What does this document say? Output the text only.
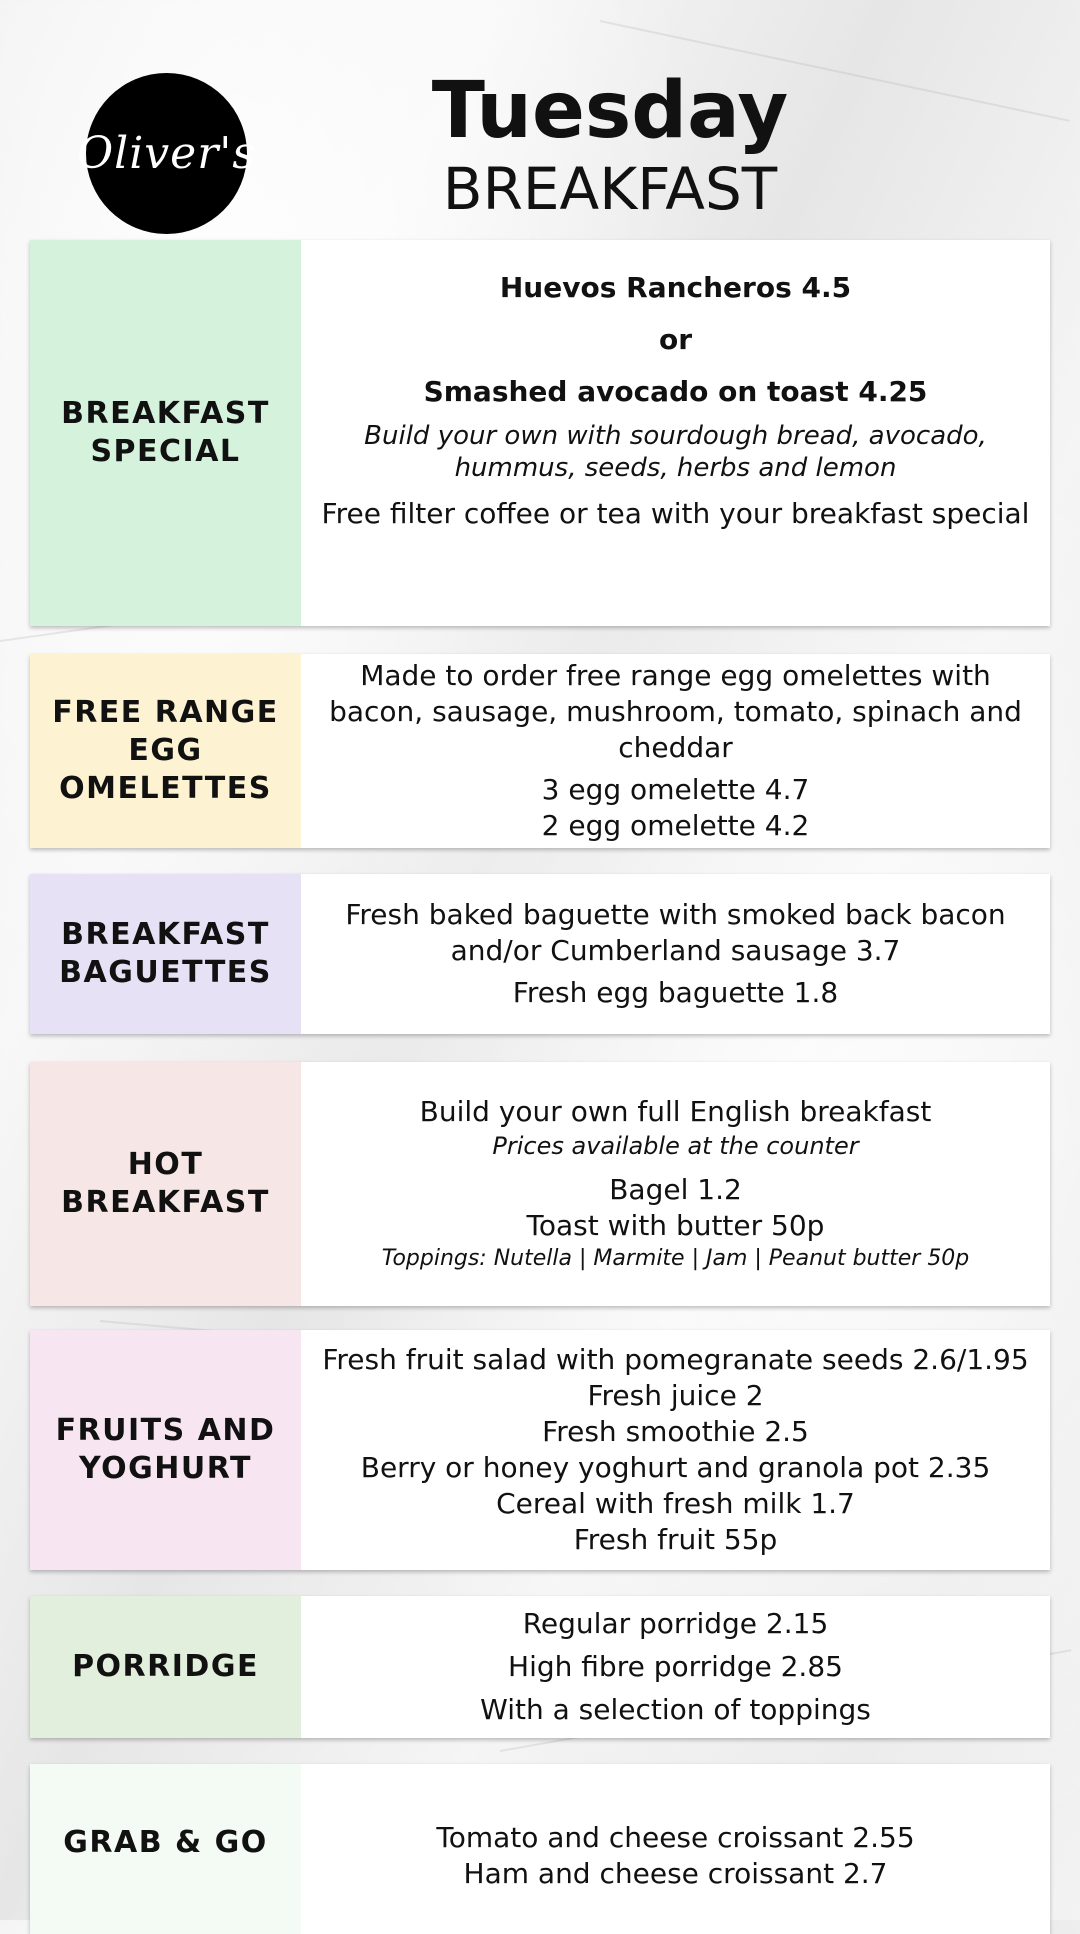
Oliver's	Tuesday
BREAKFAST
BREAKFAST
SPECIAL
Huevos Rancheros 4.5
or
Smashed avocado on toast 4.25
Build your own with sourdough bread, avocado, hummus, seeds, herbs and lemon
Free filter coffee or tea with your breakfast special
FREE RANGE
EGG
OMELETTES
Made to order free range egg omelettes with bacon, sausage, mushroom, tomato, spinach and cheddar
3 egg omelette 4.7
2 egg omelette 4.2
BREAKFAST
BAGUETTES
Fresh baked baguette with smoked back bacon and/or Cumberland sausage 3.7
Fresh egg baguette 1.8
HOT
BREAKFAST
Build your own full English breakfast
Prices available at the counter
Bagel 1.2
Toast with butter 50p
Toppings: Nutella | Marmite | Jam | Peanut butter 50p
FRUITS AND
YOGHURT
Fresh fruit salad with pomegranate seeds 2.6/1.95
Fresh juice 2
Fresh smoothie 2.5
Berry or honey yoghurt and granola pot 2.35
Cereal with fresh milk 1.7
Fresh fruit 55p
PORRIDGE
Regular porridge 2.15
High fibre porridge 2.85
With a selection of toppings
GRAB & GO	Tomato and cheese croissant 2.55
Ham and cheese croissant 2.7
